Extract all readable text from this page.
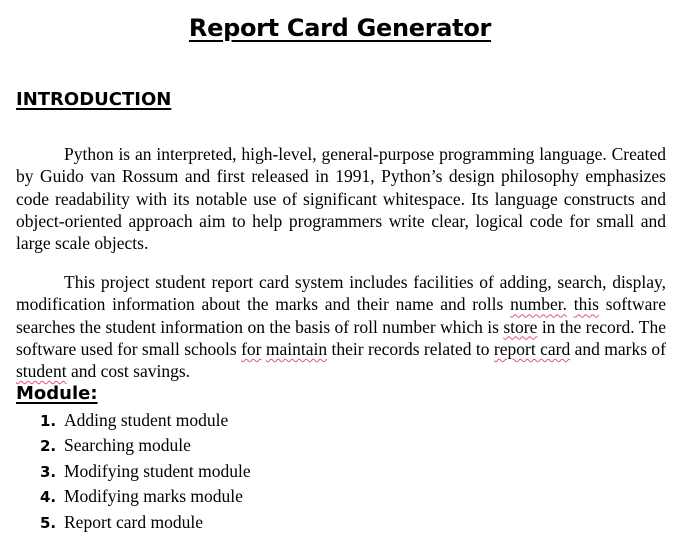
Report Card Generator
INTRODUCTION

Python is an interpreted, high-level, general-purpose programming language. Created by Guido van Rossum and first released in 1991, Python’s design philosophy emphasizes code readability with its notable use of significant whitespace. Its language constructs and object-oriented approach aim to help programmers write clear, logical code for small and large scale objects.

This project student report card system includes facilities of adding, search, display, modification information about the marks and their name and rolls number. this software searches the student information on the basis of roll number which is store in the record. The software used for small schools for maintain their records related to report card and marks of student and cost savings.

Module:
1. Adding student module
2. Searching module
3. Modifying student module
4. Modifying marks module
5. Report card module
